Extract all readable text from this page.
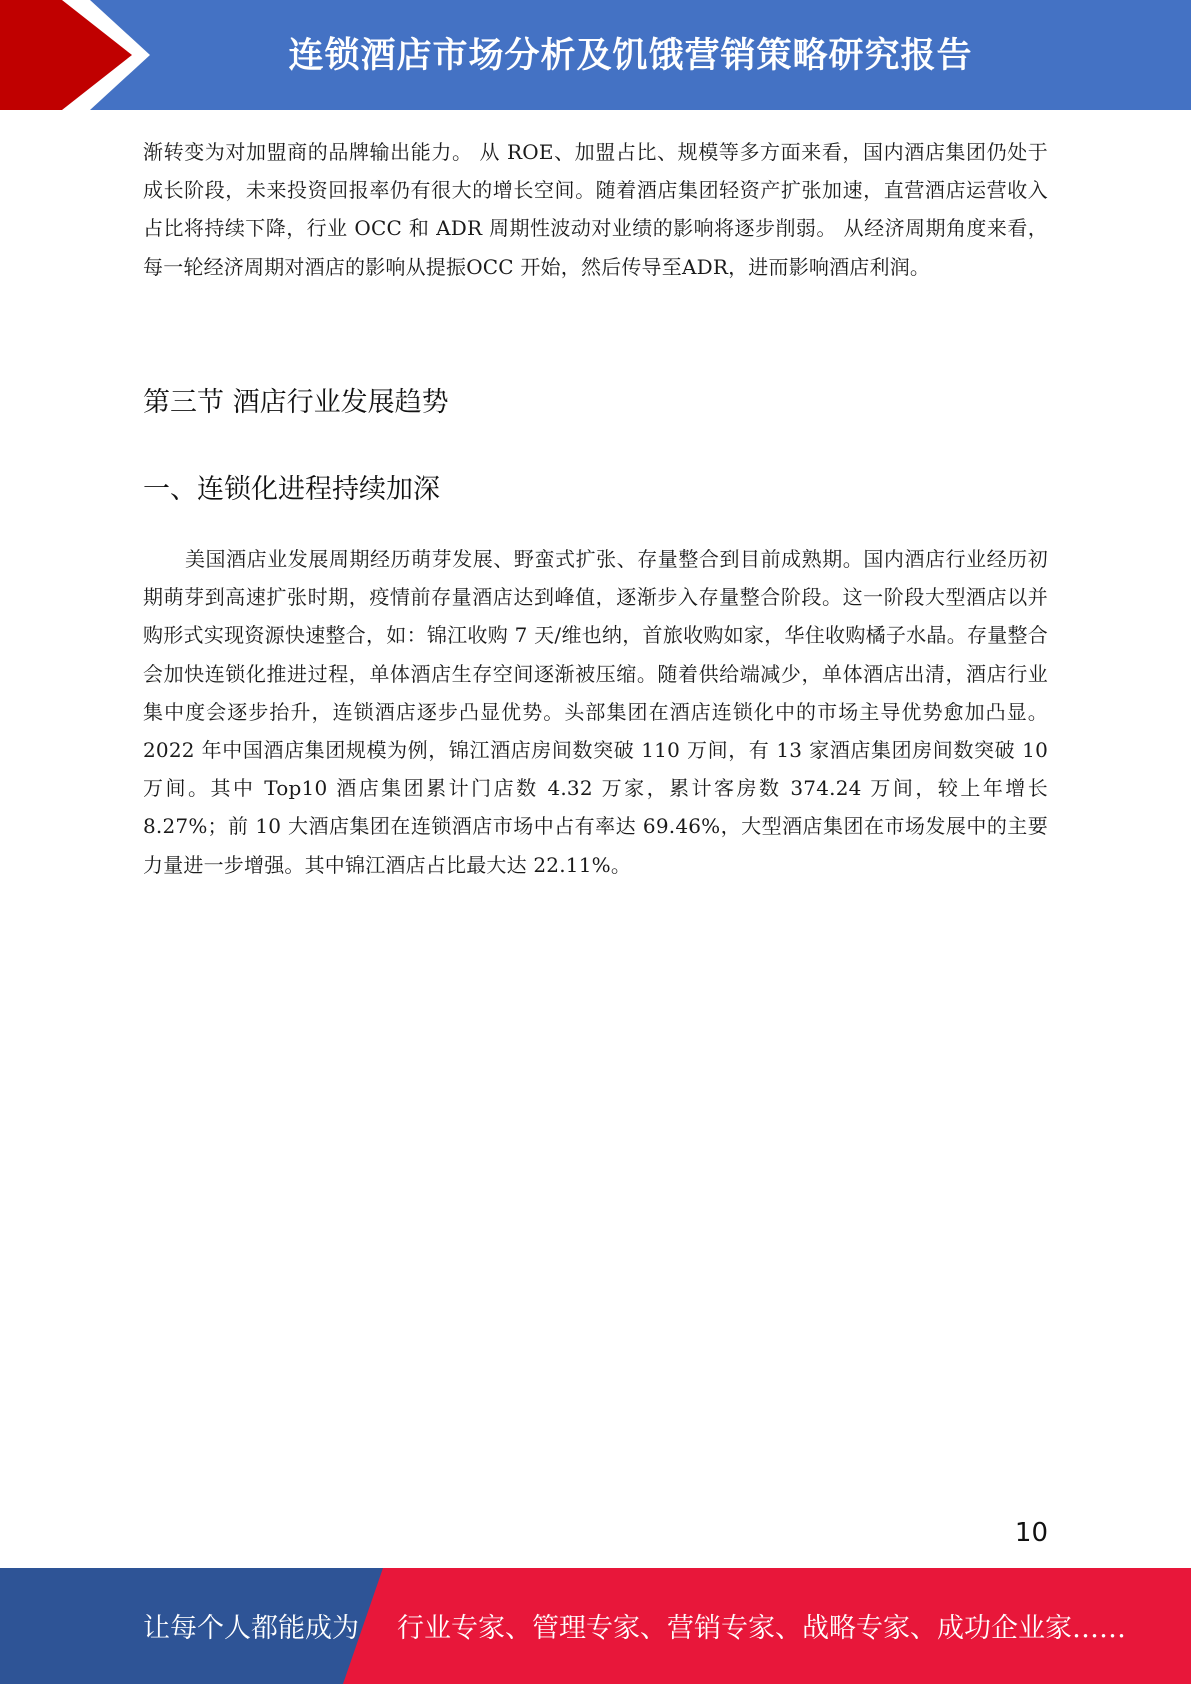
连锁酒店市场分析及饥饿营销策略研究报告

渐转变为对加盟商的品牌输出能力。 从 ROE、加盟占比、规模等多方面来看，国内酒店集团仍处于成长阶段，未来投资回报率仍有很大的增长空间。随着酒店集团轻资产扩张加速，直营酒店运营收入占比将持续下降，行业 OCC 和 ADR 周期性波动对业绩的影响将逐步削弱。 从经济周期角度来看，每一轮经济周期对酒店的影响从提振OCC 开始，然后传导至ADR，进而影响酒店利润。

第三节 酒店行业发展趋势
一、连锁化进程持续加深

美国酒店业发展周期经历萌芽发展、野蛮式扩张、存量整合到目前成熟期。国内酒店行业经历初期萌芽到高速扩张时期，疫情前存量酒店达到峰值，逐渐步入存量整合阶段。这一阶段大型酒店以并购形式实现资源快速整合，如：锦江收购 7 天/维也纳，首旅收购如家，华住收购橘子水晶。存量整合会加快连锁化推进过程，单体酒店生存空间逐渐被压缩。随着供给端减少，单体酒店出清，酒店行业集中度会逐步抬升，连锁酒店逐步凸显优势。头部集团在酒店连锁化中的市场主导优势愈加凸显。2022 年中国酒店集团规模为例，锦江酒店房间数突破 110 万间，有 13 家酒店集团房间数突破 10 万间。其中 Top10 酒店集团累计门店数 4.32 万家，累计客房数 374.24 万间，较上年增长 8.27%；前 10 大酒店集团在连锁酒店市场中占有率达 69.46%，大型酒店集团在市场发展中的主要力量进一步增强。其中锦江酒店占比最大达 22.11%。

10
让每个人都能成为 行业专家、管理专家、营销专家、战略专家、成功企业家……
